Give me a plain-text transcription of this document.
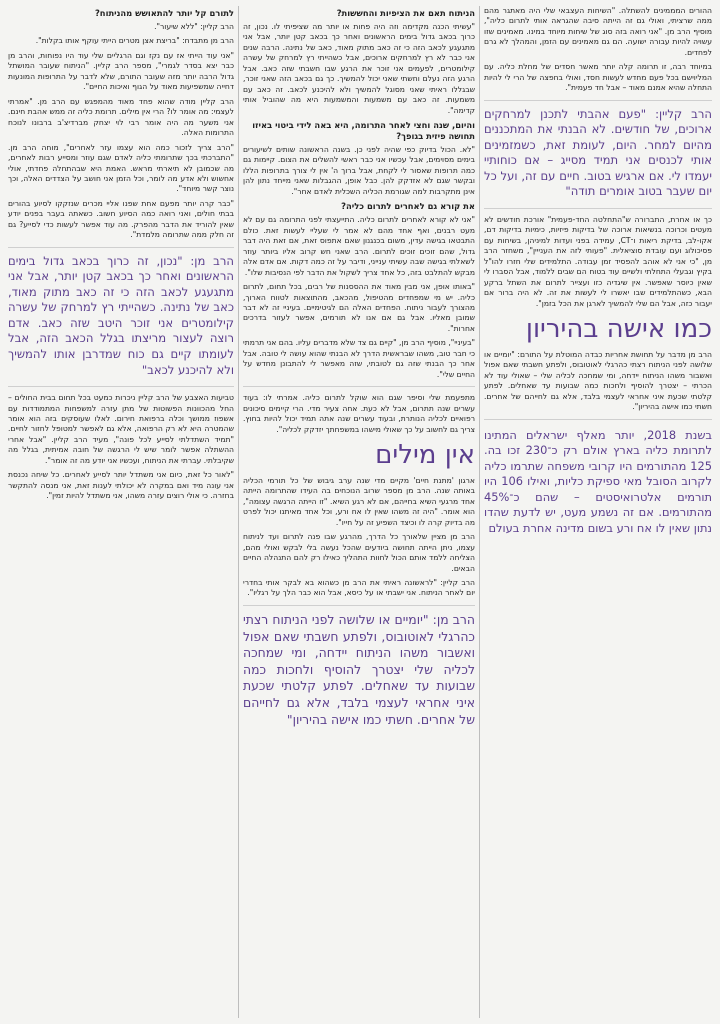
ההורים המממינים להשתלה. "השיחות העצבאי שלי היה מאתגר מהם ממה שרציתי, ואולי גם זה הייתה סיבה שהגראה אותי לתרום כליה", מוסיף הרב מן. "אני רואה בזה סוג של שיחות מיוחד במינו. מאמינים שזו עשויה להיות עבורה ישועה. הם גם מאמינים עם הזמן, והמהלך לא גרם לפחדים.

במיוחד רבה, זו תרומה קלה יותר מאשר חסדים של מחלת כליה. עם המליוישם בכל פעם מחדש לעשות חסד, ואולי בחפצה של הרי לי להיות התחלה שהיא אמנם מאוד – אבל חד פעמית".

הרב קליין: "פעם אהבתי לתכנן למרחקים ארוכים, של חודשים. לא הבנתי את המתכננים מהיום למחר. היום, לעומת זאת, כשמזמינים אותי לכנסים אני תמיד מסייג – אם כוחותיי יעמדו לי. אם ארגיש בטוב. חיים עם זה, ועל כל יום שעבר בטוב אומרים תודה"

כך או אחרת, התברורה ש"התחלטה החד-פעמית" אורכת חודשים לא מעטים וכרוכה בנשיאות ארוכה של בדיקות פיזיות, כימיות בדיקות דם, אקו-לב, בדיקת ריאות ו־CT, עמידה בפני ועדות למיניהן, בשיחות עם פסיכולוג ועם עובדת סוציאלית. "פעותי לזה את הענייין", משחזר הרב מן, "כי אני לא אוהב להפסיד זמן עבודה. התלמידים שלי חזרו להו"ל בקיץ וגבעלי התחלתי ולשיים עוד בטוח הם שבים ללמוד, אבל הסברו לי שאין כיוסר שאפשר. אין שיגדיה כזו ועצייר לתרום את השתל ברקע הבא, כשהתלמידים שבו יאשרו לי לעשות את זה. לא היה ברור אם יעבור כזה, אבל הם שלי להמשיך לארגן את הכל בזמן".

כמו אישה בהיריון

הרב מן מדבר על תחושת אחריות כבדה המוטלת על התורם: "יומיים או שלושה לפני הניתוח רצתי כהרגלי לאוטובוס, ולפתע חשבתי שאם אפול ואשבור משהו הניתוח יידחה, ומי שמחכה לכליה שלי – שאולי עוד לא הכרתי – יצטרך להוסיף ולחכות כמה שבועות עד שאחלים. לפתע קלטתי שכעת איני אחראי לעצמי בלבד, אלא גם לחייהם של אחרים. חשתי כמו אישה בהיריון".

בשנת 2018, יותר מאלף ישראלים המתינו לתרומת כליה בארץ אולם רק כ־230 זכו בה. 125 מהתורמים היו קרובי משפחה שתרמו כליה לקרוב הסובל מאי ספיקת כליות, ואילו 106 היו תורמים אלטרואיסטים – שהם כ־45% מהתורמים. אם זה נשמע מעט, יש לדעת שהדו נתון שאין לו אח ורע בשום מדינה אחרת בעולם
הניתוח תאם את הציפיות והחששות?

"עשיתי הכנה מקדימה וזה היה פחות או יותר מה שציפיתי לו. נכון, זה כרוך בכאב גדול בימים הראשונים ואחר כך בכאב קטן יותר, אבל אני מתגעגע לכאב הזה כי זה כאב מתוק מאוד, כאב של נתינה. הרבה שנים אני כבר לא רץ למרחקים ארוכים, אבל כשהייתי רץ למרחק של עשרה קילומטרים, לפעמים אני זוכר את הרגע שבו חשבתי שזה כאב. אבל הרגע הזה נעלם וחשתי שאני יכול להמשיך. כך גם בכאב הזה שאני זוכר, שבגללו ראיתי שאני מסוגל להמשיך ולא להיכנע לכאב. זה כאב עם משמעות. זה כאב עם משמעות והמשמעות היא מה שהוביל אותי קדימה".

והיום, שנה וחצי לאחר התרומה, היא באה לידי ביטוי באיזו תחושה פיזית בגופך?

"לא. הכול בדיוק כפי שהיה לפני כן. בשנה הראשונה שותים לשיעורים בימים מסוימים, אבל עכשיו אני כבר ראשי להשלים את הצום. קיימות גם כמה תרופות שאסור לי לקחת, אבל ברוך ה' אין לי צורך בתרופות הללו ובקשר שגם לא אזדקק להן. כבל אופן, ההגבלות שאני מייחד נתון להן אינן מתקרבות למה שגורמת הכליה השכלית לאדם אחר".

את קורא גם לאחרים לתרום כליה?

"אני לא קורא לאחרים לתרום כליה. התייעצתי לפני התרומה גם עם לא מעט רבנים, ואף אחד מהם לא אמר לי שעליי לעשות זאת. כולם התבטאו בגישה עדין, משום בכנגנון שאם אתפוס זאת, אם זאת היה דבר גדול, שהם זוכים זוכים לתרום. הרב שאני חש קרוב אליו ביותר עוזר לשאלתי בגישה שבה עשיתי ענייני, ודיבר על זה כמה דקות. אם אדם אלה מבקש להתלבט בזה, כל אחד צריך לשקול את הדבר לפי הנסיבות שלו".

"באותו אופן, אני מבין מאוד את ההססנות של רבים, בכל תחום, לתרום כליה. יש מי שמפחדים מהטיפול, מהכאב, מהתוצאות לטווח הארוך, מהצורך לעבור ניתוח. הפחדים האלה הם לגיטימיים. בעיניי זה לא דבר שמובן מאליו. אבל גם אם אנו לא תורמים, אפשר לעזור בדרכים אחרות".

"בעיניי", מוסיף הרב מן, "קיים גם צד שלא מדברים עליו. בהם אני תרמתי כי חבר טוב, משהו שבראשית הדרך לא הבנתי שהוא עושה לי טובה. אבל אחר כך הבנתי שזה גם לטובתי, שזה מאפשר לי להתבונן מחדש על החיים שלי".

מתפעמת שלי וסיפר שגם הוא שוקל לתרום כליה. אמרתי לו: בעוד עשרים שנה תתרום, אבל לא כעת. אחה צעיר מדי. הרי קיימים סיכונים רפואיים לכליה הנותרת, ובעוד עשרים שנה אתה תמיד יכול להיות בחוץ. צריך גם לחשוב על כך שאולי מישהו במשפחתך יזדקק לכליה".

אין מילים

ארגון 'מתנת חיים' מקיים מדי שנה ערב גיבוש של כל תורמי הכליה באותה שנה. הרב מן מספר שרוב הנוכחים בה העידו שהתרומה הייתה אחד מרגעי השיא בחייהם, אם לא רגע השיא. "זו הייתה הרגשה עצומה", הוא אומר. "היה זה משהו שאין לו אח ורע, וכל אחד מאיתנו יכול לפרט מה בדיוק קרה לו וכיצד השפיע זה על חייו".

הרב מן מציין שלאורך כל הדרך, מהרגע שבו פנה לתרום ועד לניתוח עצמו, ניתן הייתה תחושה ביודעים שהכל נעשה בלי לבקש ואולי מהם, הצליחה ללמד אותם הכול לחוות התהליך כאילו רק להם התנהלה החיים הבאים.

הרב קליין: "לראשונה ראיתי את הרב מן כשהוא בא לבקר אותי בחדרי יום לאחר הניתוח. אני ישבתי או על כיסא, אבל הוא כבר הלך על רגליו".

הרב מן: "יומיים או שלושה לפני הניתוח רצתי כהרגלי לאוטובוס, ולפתע חשבתי שאם אפול ואשבור משהו הניתוח יידחה, ומי שמחכה לכליה שלי יצטרך להוסיף ולחכות כמה שבועות עד שאחלים. לפתע קלטתי שכעת איני אחראי לעצמי בלבד, אלא גם לחייהם של אחרים. חשתי כמו אישה בהיריון"
לתורם קל יותר להתאושש מהניתוח?

הרב קליין: "ללא שיעור".

הרב מן מתבדח: "בריצת אצן מטרים הייתי עוקף אותו בקלות".

"אני עוד הייתי אז עם נקז וגם הרגליים שלי עוד היו נפוחות, והרב מן כבר יצא בסדר לגמרי", מספר הרב קליין. "הניתוח שעובר המושתל גדול הרבה יותר מזה שעובר התורם, שלא לדבר על התרופות המונעות דחייה שמשפיעות מאוד על הגוף ואיכות החיים".

הרב קליין מודה שהוא פחד מאוד מהמפגש עם הרב מן. "אמרתי לעצמי: מה אומר לו? הרי אין מילים. תרומת כליה זה ממש אהבת חינם. אני משער מה היה אומר רבי לוי יצחק מברדיצ'ב ברבונו לנוכח התרומות האלה.

"הרב צריך לזכור כמה הוא עצמו עזר לאחרים", מוחה הרב מן. "התברכתי בכך שתרומתי כליה לאדם שגם עוזר ומסייע רבות לאחרים, מה שכמובן לא תיארתי מראש. האמת היא שבהתחלה פחדתי, אולי אחשוש ולא אדע מה לומר, וכל הזמן אני חושב על הצדדים האלה, וכך נוצר קשר מיוחד".

"כבר קרה יותר מפעם אחת שפנו אליי מכרים שנזקקו לסיוע בהורים בבתי חולים, ואני רואה כמה הסיוע חשוב. כשאתה בעבר בפנים יודע שאין להוריד את הדבר מהפרק. מה עוד אפשר לעשות כדי לסייע? גם זה חלק ממה שתרומה מלמדת".

הרב מן: "נכון, זה כרוך בכאב גדול בימים הראשונים ואחר כך בכאב קטן יותר, אבל אני מתגעגע לכאב הזה כי זה כאב מתוק מאוד, כאב של נתינה. כשהייתי רץ למרחק של עשרה קילומטרים אני זוכר היטב שזה כאב. אדם רוצה לעצור מריצתו בגלל הכאב הזה, אבל לעומתו קיים גם כוח שמדרבן אותו להמשיך ולא להיכנע לכאב"

טביעות האצבע של הרב קליין ניכרות כמעט בכל תחום בבית החולים – החל מהכוונות הפשוטות של מתן עזרה למשפחות המתמודדות עם אשפוז ממושך וכלה ברפואת חירום. לאלו שעוסקים בזה הוא אומר שהמטרה היא לא רק הרפואה, אלא גם לאפשר למטופל לחזור לחיים. "תמיד השתדלתי לסייע לכל פונה", מעיד הרב קליין. "אבל אחרי ההשתלה אפשר לומר שיש לי הרגשה של חובה אמיתית, בגלל מה שקיבלתי. עברתי את הניתוח, ועכשיו אני יודע מה זה אומר".

"לאור כל זאת, כיום אני משתדל יותר לסייע לאחרים. כל שיחה נכנסת אני עונה מיד ואם במקרה לא יכולתי לענות זאת, אני מנסה להתקשר בחזרה. כי אולי רוצים עזרה משהו, אני משתדל להיות זמין".
